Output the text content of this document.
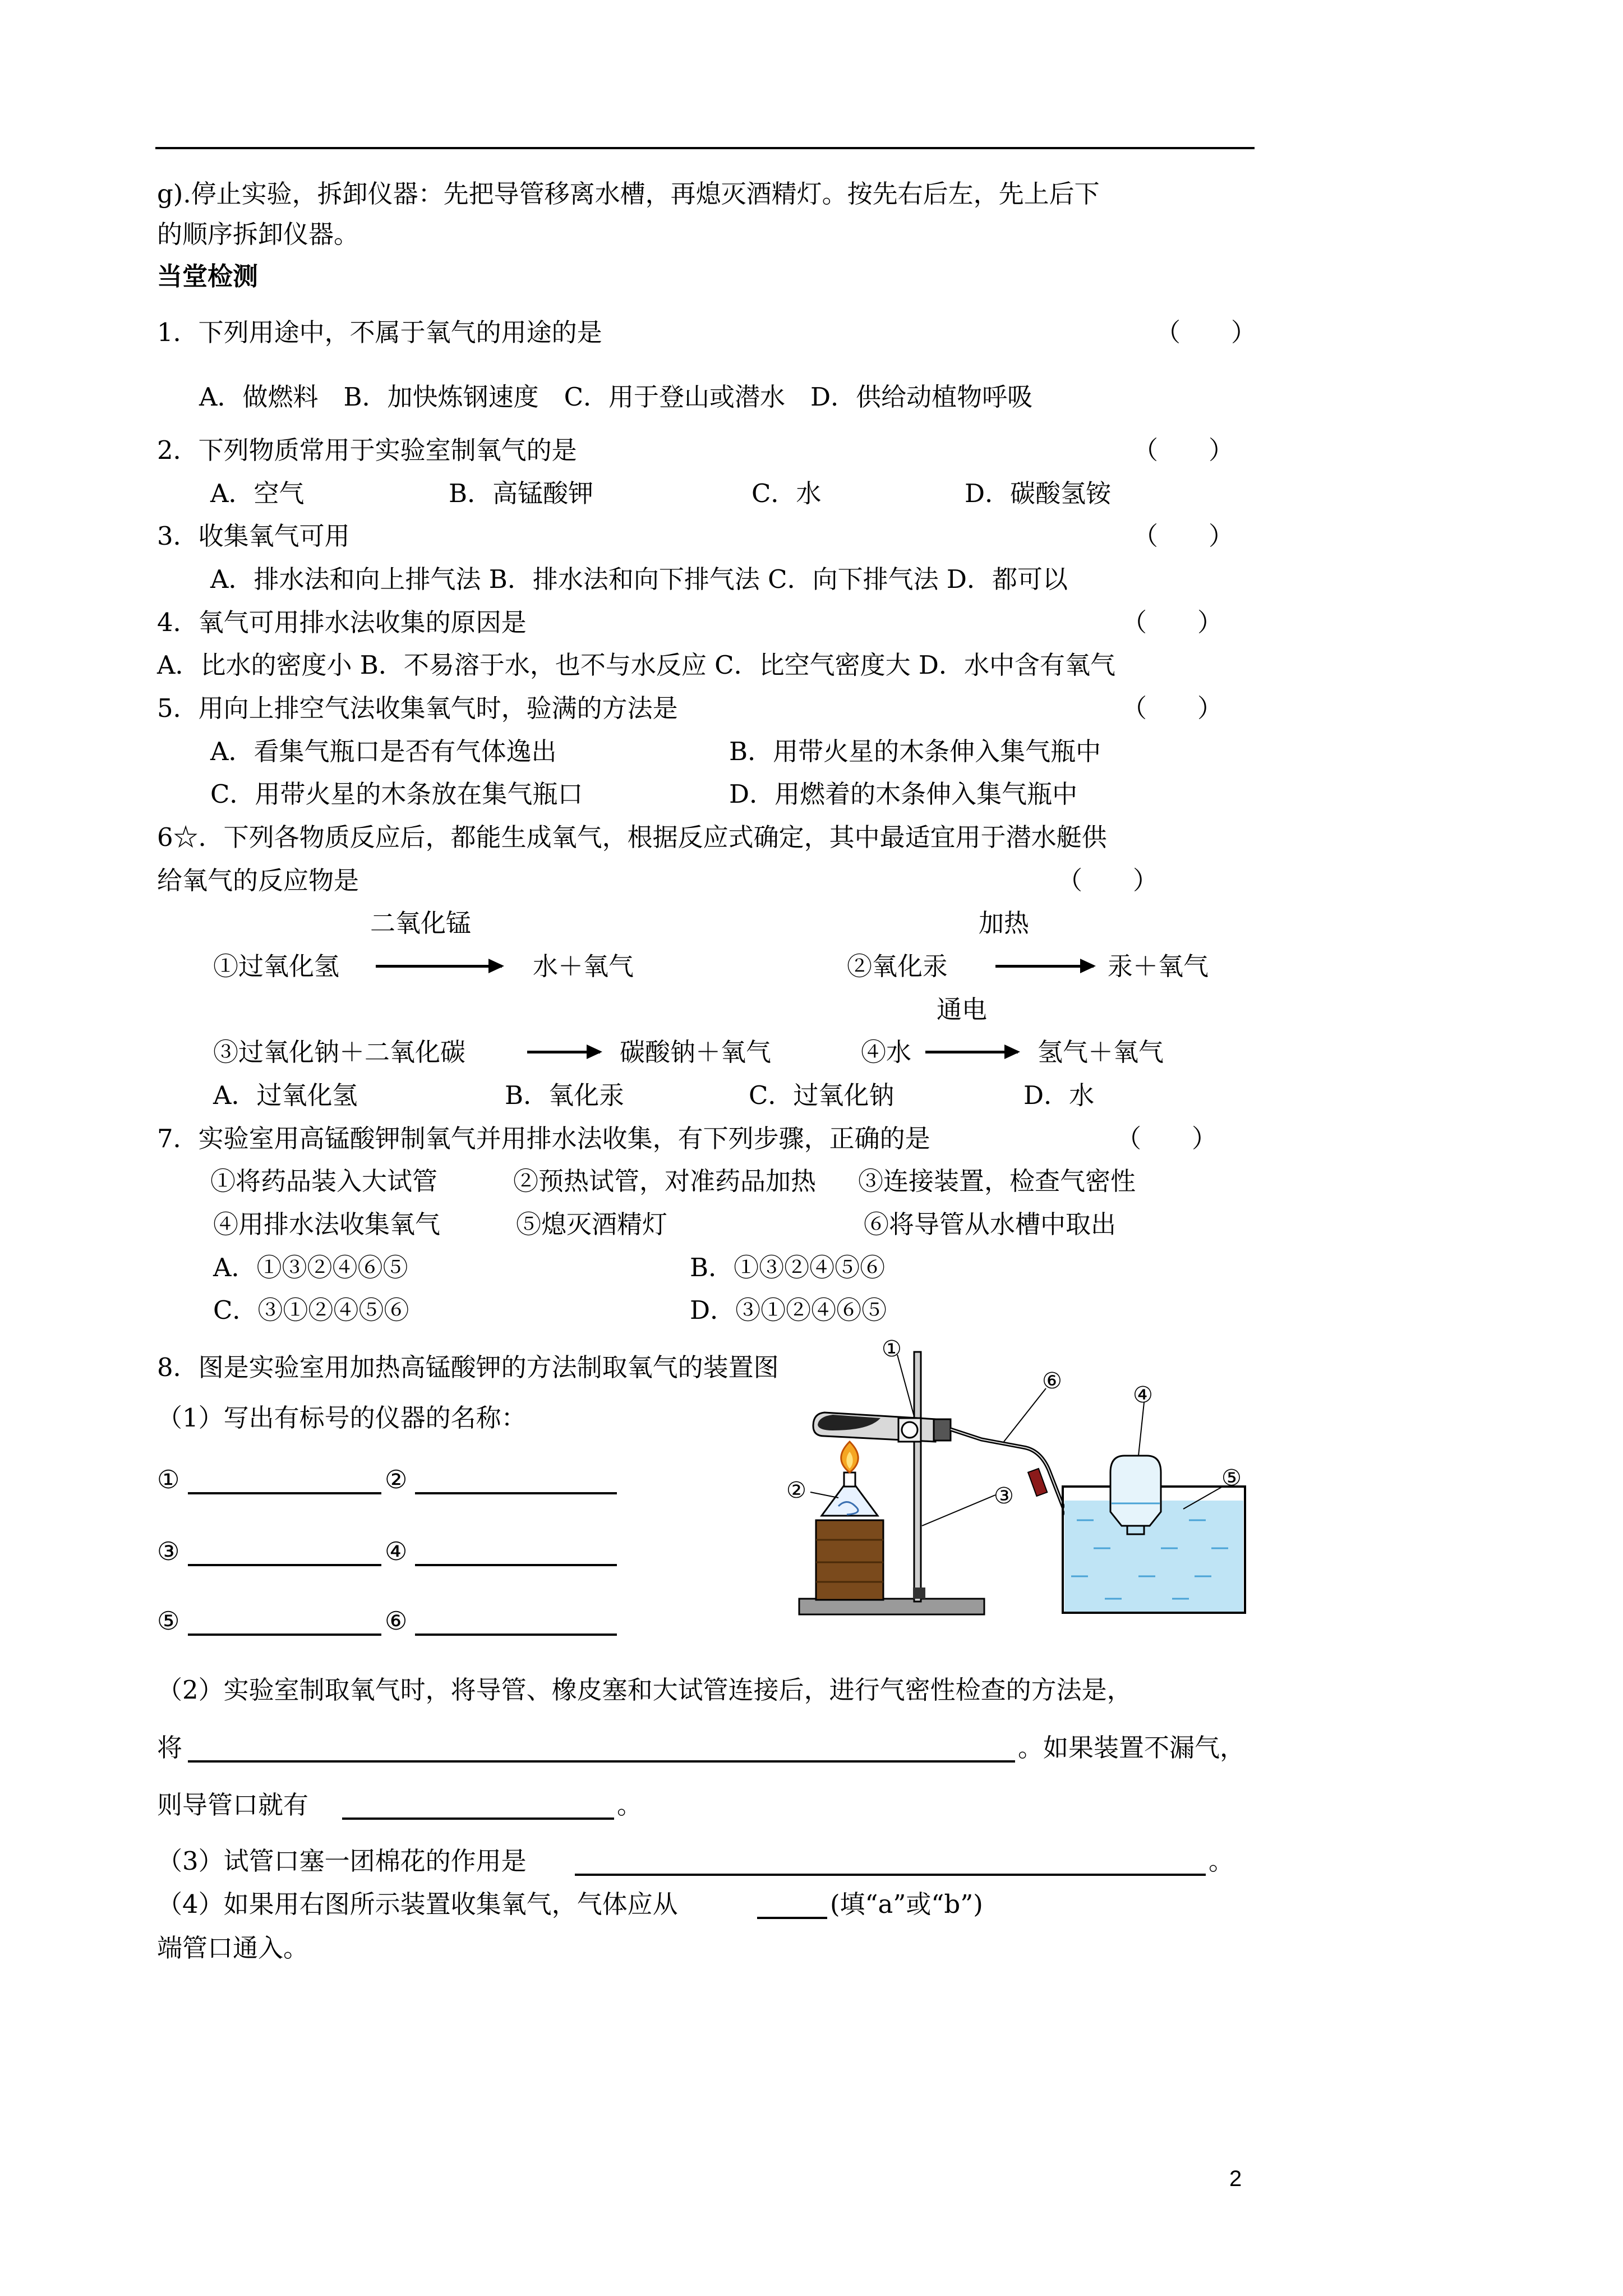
g).停止实验，拆卸仪器：先把导管移离水槽，再熄灭酒精灯。按先右后左，先上后下
的顺序拆卸仪器。
当堂检测
1．下列用途中，不属于氧气的用途的是	（　　）
A．做燃料　B．加快炼钢速度　C．用于登山或潜水　D．供给动植物呼吸
2．下列物质常用于实验室制氧气的是	（　　）
A．空气	B．高锰酸钾	C．水	D．碳酸氢铵
3．收集氧气可用	（　　）
A．排水法和向上排气法 B．排水法和向下排气法 C．向下排气法 D．都可以
4．氧气可用排水法收集的原因是	（　　）
A．比水的密度小 B．不易溶于水，也不与水反应 C．比空气密度大 D．水中含有氧气
5．用向上排空气法收集氧气时，验满的方法是	（　　）
A．看集气瓶口是否有气体逸出	B．用带火星的木条伸入集气瓶中
C．用带火星的木条放在集气瓶口	D．用燃着的木条伸入集气瓶中
6☆．下列各物质反应后，都能生成氧气，根据反应式确定，其中最适宜用于潜水艇供
给氧气的反应物是	（　　）
二氧化锰	加热
①过氧化氢	水＋氧气	②氧化汞	汞＋氧气
通电
③过氧化钠＋二氧化碳	碳酸钠＋氧气	④水	氢气＋氧气
A．过氧化氢	B．氧化汞	C．过氧化钠	D．水
7．实验室用高锰酸钾制氧气并用排水法收集，有下列步骤，正确的是	（　　）
①将药品装入大试管	②预热试管，对准药品加热 ③连接装置，检查气密性
④用排水法收集氧气	⑤熄灭酒精灯	⑥将导管从水槽中取出
A．①③②④⑥⑤	B．①③②④⑤⑥
C．③①②④⑤⑥	D．③①②④⑥⑤
8．图是实验室用加热高锰酸钾的方法制取氧气的装置图
（1）写出有标号的仪器的名称：
①	②
③	④
⑤	⑥
①
②	③
④
⑤
⑥
（2）实验室制取氧气时，将导管、橡皮塞和大试管连接后，进行气密性检查的方法是，
将	。如果装置不漏气，
则导管口就有	。
（3）试管口塞一团棉花的作用是	。
（4）如果用右图所示装置收集氧气，气体应从	(填“a”或“b”)
端管口通入。
2
